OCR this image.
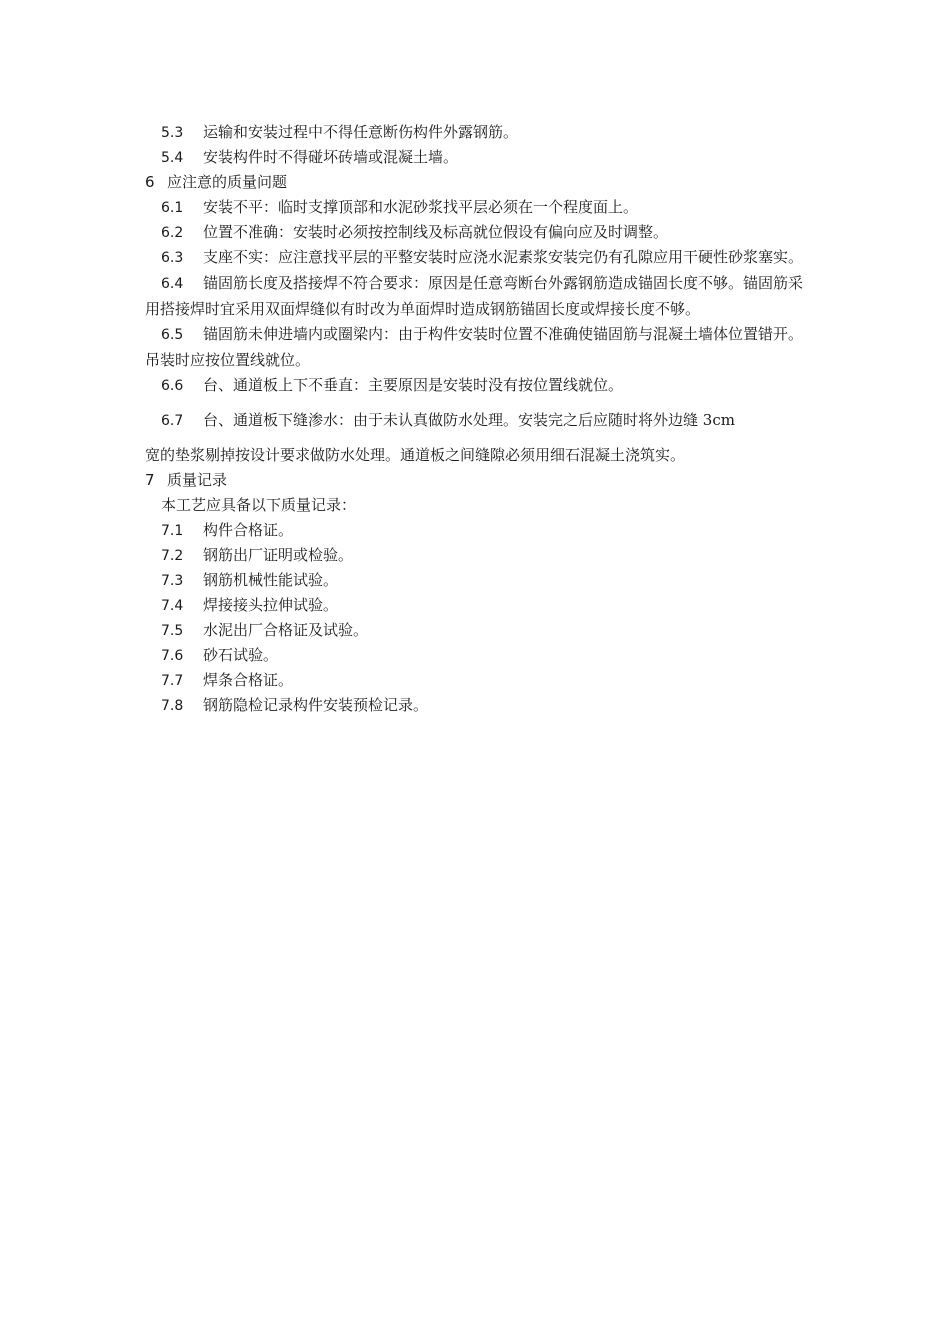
5.3 运输和安装过程中不得任意断伤构件外露钢筋。
5.4 安装构件时不得碰坏砖墙或混凝土墙。
6 应注意的质量问题
6.1 安装不平：临时支撑顶部和水泥砂浆找平层必须在一个程度面上。
6.2 位置不准确：安装时必须按控制线及标高就位假设有偏向应及时调整。
6.3 支座不实：应注意找平层的平整安装时应浇水泥素浆安装完仍有孔隙应用干硬性砂浆塞实。
6.4 锚固筋长度及搭接焊不符合要求：原因是任意弯断台外露钢筋造成锚固长度不够。锚固筋采用搭接焊时宜采用双面焊缝似有时改为单面焊时造成钢筋锚固长度或焊接长度不够。
6.5 锚固筋未伸进墙内或圈梁内：由于构件安装时位置不准确使锚固筋与混凝土墙体位置错开。吊装时应按位置线就位。
6.6 台、通道板上下不垂直：主要原因是安装时没有按位置线就位。
6.7 台、通道板下缝渗水：由于未认真做防水处理。安装完之后应随时将外边缝 3cm
宽的垫浆剔掉按设计要求做防水处理。通道板之间缝隙必须用细石混凝土浇筑实。
7 质量记录
本工艺应具备以下质量记录：
7.1 构件合格证。
7.2 钢筋出厂证明或检验。
7.3 钢筋机械性能试验。
7.4 焊接接头拉伸试验。
7.5 水泥出厂合格证及试验。
7.6 砂石试验。
7.7 焊条合格证。
7.8 钢筋隐检记录构件安装预检记录。
